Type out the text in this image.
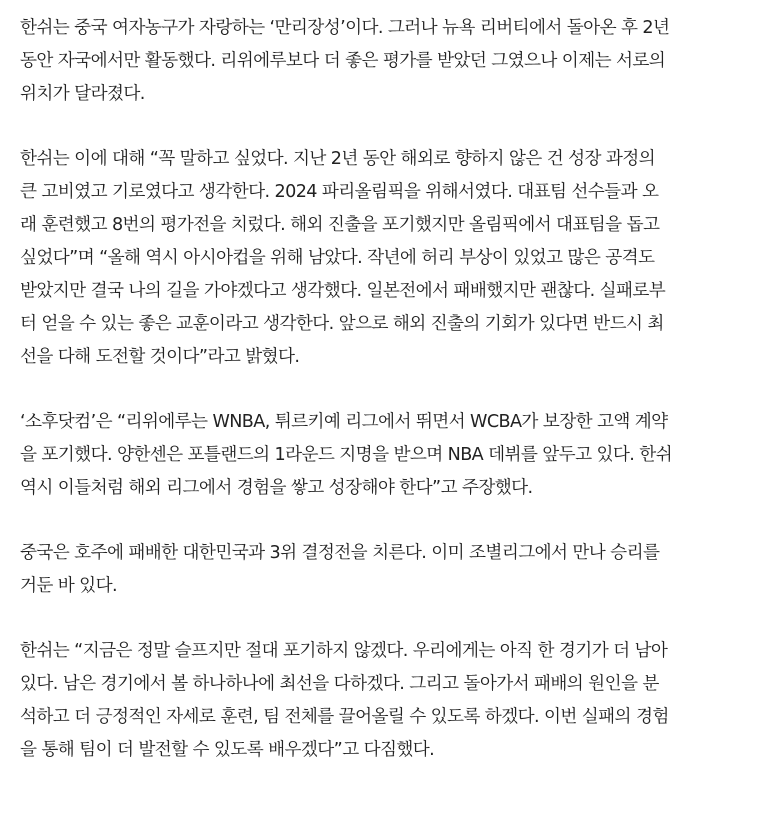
한쉬는 중국 여자농구가 자랑하는 ‘만리장성’이다. 그러나 뉴욕 리버티에서 돌아온 후 2년
동안 자국에서만 활동했다. 리위에루보다 더 좋은 평가를 받았던 그였으나 이제는 서로의
위치가 달라졌다.

한쉬는 이에 대해 “꼭 말하고 싶었다. 지난 2년 동안 해외로 향하지 않은 건 성장 과정의
큰 고비였고 기로였다고 생각한다. 2024 파리올림픽을 위해서였다. 대표팀 선수들과 오
래 훈련했고 8번의 평가전을 치렀다. 해외 진출을 포기했지만 올림픽에서 대표팀을 돕고
싶었다”며 “올해 역시 아시아컵을 위해 남았다. 작년에 허리 부상이 있었고 많은 공격도
받았지만 결국 나의 길을 가야겠다고 생각했다. 일본전에서 패배했지만 괜찮다. 실패로부
터 얻을 수 있는 좋은 교훈이라고 생각한다. 앞으로 해외 진출의 기회가 있다면 반드시 최
선을 다해 도전할 것이다”라고 밝혔다.

‘소후닷컴’은 “리위에루는 WNBA, 튀르키예 리그에서 뛰면서 WCBA가 보장한 고액 계약
을 포기했다. 양한센은 포틀랜드의 1라운드 지명을 받으며 NBA 데뷔를 앞두고 있다. 한쉬
역시 이들처럼 해외 리그에서 경험을 쌓고 성장해야 한다”고 주장했다.

중국은 호주에 패배한 대한민국과 3위 결정전을 치른다. 이미 조별리그에서 만나 승리를
거둔 바 있다.

한쉬는 “지금은 정말 슬프지만 절대 포기하지 않겠다. 우리에게는 아직 한 경기가 더 남아
있다. 남은 경기에서 볼 하나하나에 최선을 다하겠다. 그리고 돌아가서 패배의 원인을 분
석하고 더 긍정적인 자세로 훈련, 팀 전체를 끌어올릴 수 있도록 하겠다. 이번 실패의 경험
을 통해 팀이 더 발전할 수 있도록 배우겠다”고 다짐했다.
